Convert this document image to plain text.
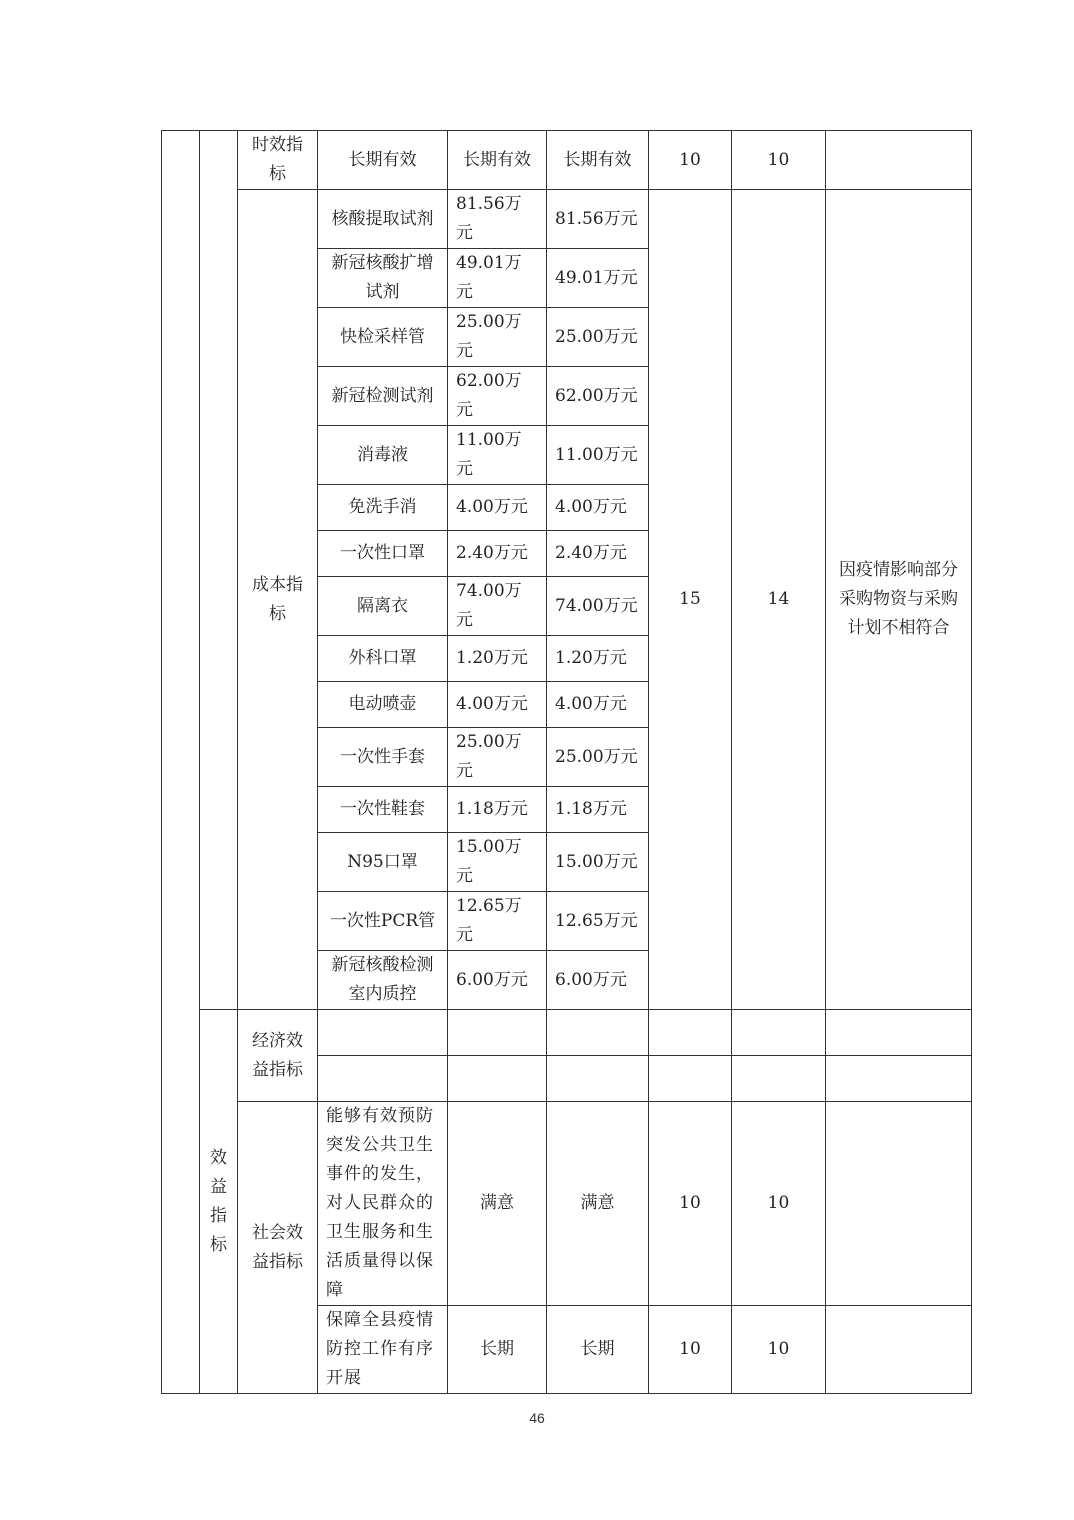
		时效指标	长期有效	长期有效	长期有效	10	10	
		成本指标	核酸提取试剂	81.56万元	81.56万元	15	14	因疫情影响部分采购物资与采购计划不相符合
			新冠核酸扩增试剂	49.01万元	49.01万元			
			快检采样管	25.00万元	25.00万元			
			新冠检测试剂	62.00万元	62.00万元			
			消毒液	11.00万元	11.00万元			
			免洗手消	4.00万元	4.00万元			
			一次性口罩	2.40万元	2.40万元			
			隔离衣	74.00万元	74.00万元			
			外科口罩	1.20万元	1.20万元			
			电动喷壶	4.00万元	4.00万元			
			一次性手套	25.00万元	25.00万元			
			一次性鞋套	1.18万元	1.18万元			
			N95口罩	15.00万元	15.00万元			
			一次性PCR管	12.65万元	12.65万元			
			新冠核酸检测室内质控	6.00万元	6.00万元			

	效益指标	经济效益指标						

		社会效益指标	能够有效预防突发公共卫生事件的发生，对人民群众的卫生服务和生活质量得以保障	满意	满意	10	10	
			保障全县疫情防控工作有序开展	长期	长期	10	10	
46
